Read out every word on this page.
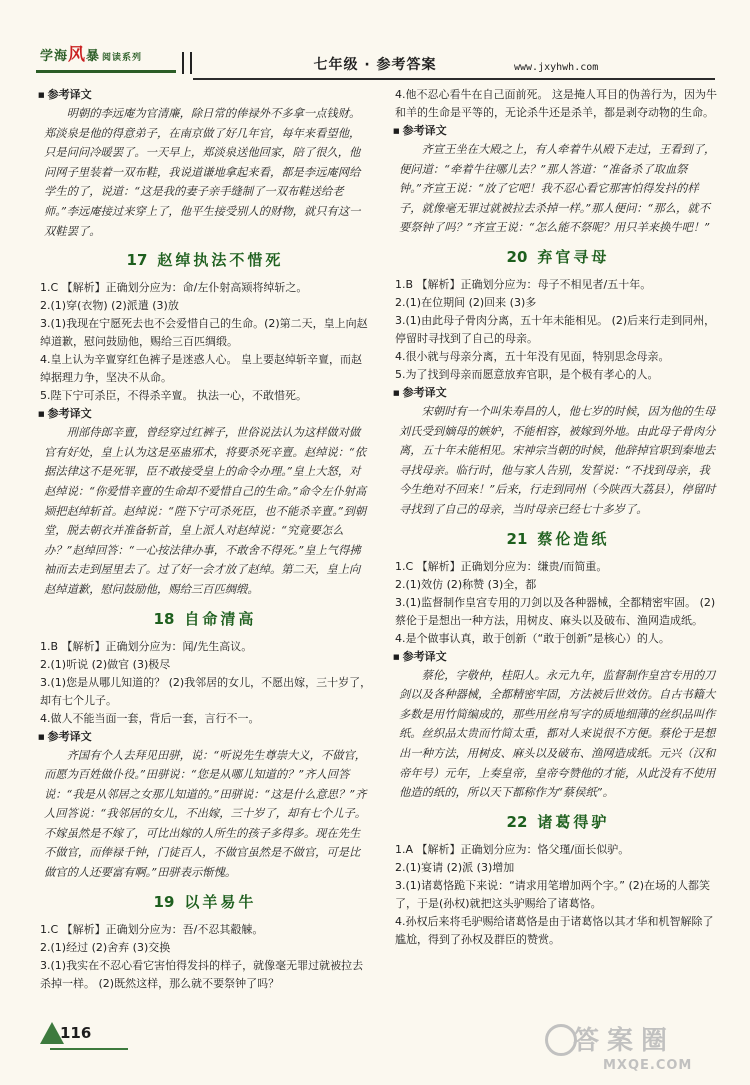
学海风暴 阅读系列	七年级 · 参考答案	www.jxyhwh.com

■ 参考译文

明朝的李远庵为官清廉，除日常的俸禄外不多拿一点钱财。郑淡泉是他的得意弟子，在南京做了好几年官，每年来看望他，只是问问冷暖罢了。一天早上，郑淡泉送他回家，陪了很久，他问网子里装着一双布鞋，我说道谦地拿起来看，都是李远庵网给学生的了，说道：“这是我的妻子亲手缝制了一双布鞋送给老师。”李远庵接过来穿上了，他平生接受别人的财物，就只有这一双鞋罢了。

17 赵绰执法不惜死

1.C 【解析】正确划分应为：命/左仆射高颎将绰斩之。

2.(1)穿(衣物) (2)派遣 (3)放

3.(1)我现在宁愿死去也不会爱惜自己的生命。(2)第二天，皇上向赵绰道歉，慰问鼓励他，赐给三百匹绸缎。

4.皇上认为辛亶穿红色裤子是迷惑人心。 皇上要赵绰斩辛亶，而赵绰据理力争，坚决不从命。

5.陛下宁可杀臣，不得杀辛亶。 执法一心，不敢惜死。

■ 参考译文

刑部侍郎辛亶，曾经穿过红裤子，世俗说法认为这样做对做官有好处，皇上认为这是巫蛊邪术，将要杀死辛亶。赵绰说：“依据法律这不是死罪，臣不敢接受皇上的命令办理。”皇上大怒，对赵绰说：“你爱惜辛亶的生命却不爱惜自己的生命。”命令左仆射高颎把赵绰斩首。赵绰说：“陛下宁可杀死臣，也不能杀辛亶。”到朝堂，脱去朝衣并准备斩首，皇上派人对赵绰说：“究竟要怎么办？”赵绰回答：“一心按法律办事，不敢舍不得死。”皇上气得拂袖而去走到屋里去了。过了好一会才放了赵绰。第二天，皇上向赵绰道歉，慰问鼓励他，赐给三百匹绸缎。

18 自命清高

1.B 【解析】正确划分应为：闻/先生高议。

2.(1)听说 (2)做官 (3)极尽

3.(1)您是从哪儿知道的？ (2)我邻居的女儿，不愿出嫁，三十岁了，却有七个儿子。

4.做人不能当面一套，背后一套，言行不一。

■ 参考译文

齐国有个人去拜见田骈，说：“听说先生尊崇大义，不做官，而愿为百姓做仆役。”田骈说：“您是从哪儿知道的？”齐人回答说：“我是从邻居之女那儿知道的。”田骈说：“这是什么意思？”齐人回答说：“我邻居的女儿，不出嫁，三十岁了，却有七个儿子。不嫁虽然是不嫁了，可比出嫁的人所生的孩子多得多。现在先生不做官，而俸禄千钟，门徒百人，不做官虽然是不做官，可是比做官的人还要富有啊。”田骈表示惭愧。

19 以羊易牛

1.C 【解析】正确划分应为：吾/不忍其觳觫。

2.(1)经过 (2)舍弃 (3)交换

3.(1)我实在不忍心看它害怕得发抖的样子，就像毫无罪过就被拉去杀掉一样。 (2)既然这样，那么就不要祭钟了吗？

4.他不忍心看牛在自己面前死。 这是掩人耳目的伪善行为，因为牛和羊的生命是平等的，无论杀牛还是杀羊，都是剥夺动物的生命。

■ 参考译文

齐宣王坐在大殿之上，有人牵着牛从殿下走过，王看到了，便问道：“牵着牛往哪儿去？”那人答道：“准备杀了取血祭钟。”齐宣王说：“放了它吧！我不忍心看它那害怕得发抖的样子，就像毫无罪过就被拉去杀掉一样。”那人便问：“那么，就不要祭钟了吗？”齐宣王说：“怎么能不祭呢？用只羊来换牛吧！”

20 弃官寻母

1.B 【解析】正确划分应为：母子不相见者/五十年。

2.(1)在位期间 (2)回来 (3)多

3.(1)由此母子骨肉分离，五十年未能相见。 (2)后来行走到同州，停留时寻找到了自己的母亲。

4.很小就与母亲分离，五十年没有见面，特别思念母亲。

5.为了找到母亲而愿意放弃官职，是个极有孝心的人。

■ 参考译文

宋朝时有一个叫朱寿昌的人，他七岁的时候，因为他的生母刘氏受到嫡母的嫉妒，不能相容，被嫁到外地。由此母子骨肉分离，五十年未能相见。宋神宗当朝的时候，他辞掉官职到秦地去寻找母亲。临行时，他与家人告别，发誓说：“不找到母亲，我今生绝对不回来！”后来，行走到同州（今陕西大荔县），停留时寻找到了自己的母亲，当时母亲已经七十多岁了。

21 蔡伦造纸

1.C 【解析】正确划分应为：缣贵/而简重。

2.(1)效仿 (2)称赞 (3)全，都

3.(1)监督制作皇宫专用的刀剑以及各种器械，全都精密牢固。 (2)蔡伦于是想出一种方法，用树皮、麻头以及破布、渔网造成纸。

4.是个做事认真，敢于创新（“敢于创新”是核心）的人。

■ 参考译文

蔡伦，字敬仲，桂阳人。永元九年，监督制作皇宫专用的刀剑以及各种器械，全都精密牢固，方法被后世效仿。自古书籍大多数是用竹简编成的，那些用丝帛写字的质地细薄的丝织品叫作纸。丝织品太贵而竹简太重，都对人来说很不方便。蔡伦于是想出一种方法，用树皮、麻头以及破布、渔网造成纸。元兴（汉和帝年号）元年，上奏皇帝，皇帝夸赞他的才能，从此没有不使用他造的纸的，所以天下都称作为“蔡侯纸”。

22 诸葛得驴

1.A 【解析】正确划分应为：恪父瑾/面长似驴。

2.(1)宴请 (2)派 (3)增加

3.(1)诸葛恪跪下来说：“请求用笔增加两个字。” (2)在场的人都笑了，于是(孙权)就把这头驴赐给了诸葛恪。

4.孙权后来将毛驴赐给诸葛恪是由于诸葛恪以其才华和机智解除了尴尬，得到了孙权及群臣的赞赏。

116	答案圈
MXQE.COM
